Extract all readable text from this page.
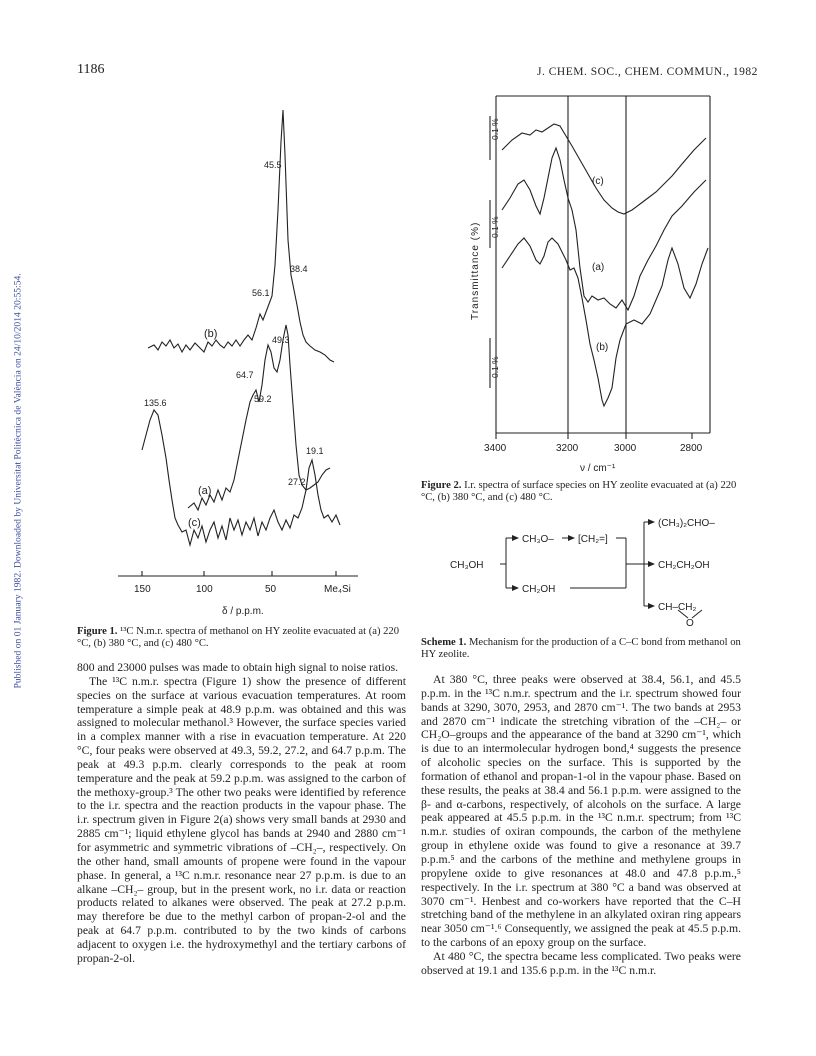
1186	J. CHEM. SOC., CHEM. COMMUN., 1982
Published on 01 January 1982. Downloaded by Universitat Politècnica de València on 24/10/2014 20:55:54.
45.5
38.4
56.1
49.3
64.7
59.2
135.6
19.1
27.2
(b)
(a)
(c)
150	100	50	Me₄Si
δ / p.p.m.
Figure 1. ¹³C N.m.r. spectra of methanol on HY zeolite evacuated at (a) 220 °C, (b) 380 °C, and (c) 480 °C.
0.1 %
0.1 %
0.1 %
Transmittance (%)
(c)
(a)
(b)
3400	3200	3000	2800
ν / cm⁻¹
Figure 2. I.r. spectra of surface species on HY zeolite evacuated at (a) 220 °C, (b) 380 °C, and (c) 480 °C.
CH₃OH
CH₃O– [CH₂=]
CH₂OH
(CH₃)₂CHO–
CH₂CH₂OH
CH–CH₂
O
Scheme 1. Mechanism for the production of a C–C bond from methanol on HY zeolite.

800 and 23000 pulses was made to obtain high signal to noise ratios.

The ¹³C n.m.r. spectra (Figure 1) show the presence of different species on the surface at various evacuation temperatures. At room temperature a simple peak at 48.9 p.p.m. was obtained and this was assigned to molecular methanol.³ However, the surface species varied in a complex manner with a rise in evacuation temperature. At 220 °C, four peaks were observed at 49.3, 59.2, 27.2, and 64.7 p.p.m. The peak at 49.3 p.p.m. clearly corresponds to the peak at room temperature and the peak at 59.2 p.p.m. was assigned to the carbon of the methoxy-group.³ The other two peaks were identified by reference to the i.r. spectra and the reaction products in the vapour phase. The i.r. spectrum given in Figure 2(a) shows very small bands at 2930 and 2885 cm⁻¹; liquid ethylene glycol has bands at 2940 and 2880 cm⁻¹ for asymmetric and symmetric vibrations of –CH₂–, respectively. On the other hand, small amounts of propene were found in the vapour phase. In general, a ¹³C n.m.r. resonance near 27 p.p.m. is due to an alkane –CH₂– group, but in the present work, no i.r. data or reaction products related to alkanes were observed. The peak at 27.2 p.p.m. may therefore be due to the methyl carbon of propan-2-ol and the peak at 64.7 p.p.m. contributed to by the two kinds of carbons adjacent to oxygen i.e. the hydroxymethyl and the tertiary carbons of propan-2-ol.

At 380 °C, three peaks were observed at 38.4, 56.1, and 45.5 p.p.m. in the ¹³C n.m.r. spectrum and the i.r. spectrum showed four bands at 3290, 3070, 2953, and 2870 cm⁻¹. The two bands at 2953 and 2870 cm⁻¹ indicate the stretching vibration of the –CH₂– or CH₂O–groups and the appearance of the band at 3290 cm⁻¹, which is due to an intermolecular hydrogen bond,⁴ suggests the presence of alcoholic species on the surface. This is supported by the formation of ethanol and propan-1-ol in the vapour phase. Based on these results, the peaks at 38.4 and 56.1 p.p.m. were assigned to the β- and α-carbons, respectively, of alcohols on the surface. A large peak appeared at 45.5 p.p.m. in the ¹³C n.m.r. spectrum; from ¹³C n.m.r. studies of oxiran compounds, the carbon of the methylene group in ethylene oxide was found to give a resonance at 39.7 p.p.m.⁵ and the carbons of the methine and methylene groups in propylene oxide to give resonances at 48.0 and 47.8 p.p.m.,⁵ respectively. In the i.r. spectrum at 380 °C a band was observed at 3070 cm⁻¹. Henbest and co-workers have reported that the C–H stretching band of the methylene in an alkylated oxiran ring appears near 3050 cm⁻¹.⁶ Consequently, we assigned the peak at 45.5 p.p.m. to the carbons of an epoxy group on the surface.

At 480 °C, the spectra became less complicated. Two peaks were observed at 19.1 and 135.6 p.p.m. in the ¹³C n.m.r.
